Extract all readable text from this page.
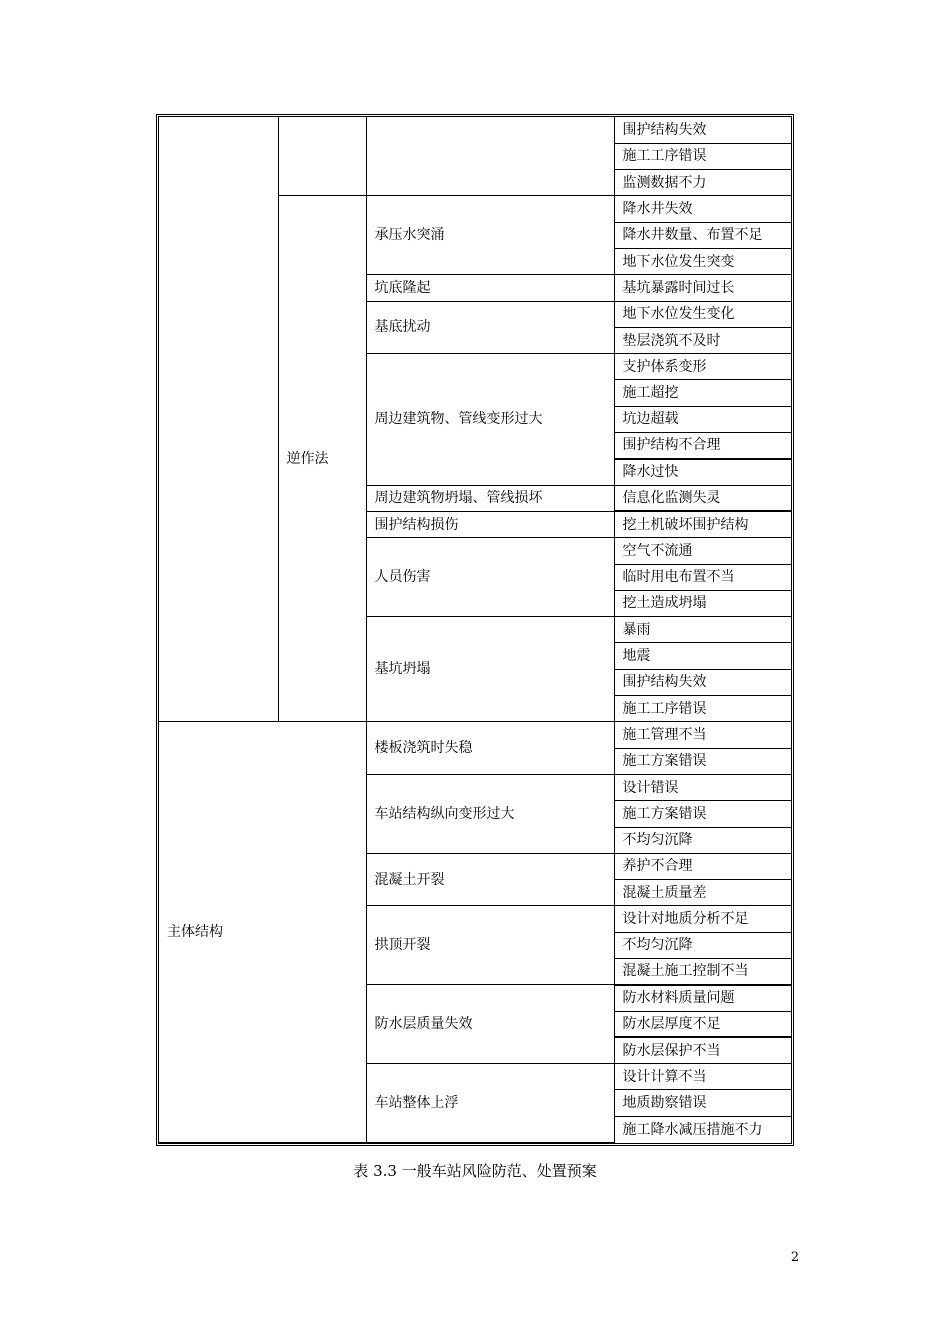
			围护结构失效
			施工工序错误
			监测数据不力
	逆作法	承压水突涌	降水井失效
			降水井数量、布置不足
			地下水位发生突变
		坑底隆起	基坑暴露时间过长
		基底扰动	地下水位发生变化
			垫层浇筑不及时
		周边建筑物、管线变形过大	支护体系变形
			施工超挖
			坑边超载
			围护结构不合理
			降水过快
		周边建筑物坍塌、管线损坏	信息化监测失灵
		围护结构损伤	挖土机破坏围护结构
		人员伤害	空气不流通
			临时用电布置不当
			挖土造成坍塌
		基坑坍塌	暴雨
			地震
			围护结构失效
			施工工序错误
主体结构		楼板浇筑时失稳	施工管理不当
			施工方案错误
		车站结构纵向变形过大	设计错误
			施工方案错误
			不均匀沉降
		混凝土开裂	养护不合理
			混凝土质量差
		拱顶开裂	设计对地质分析不足
			不均匀沉降
			混凝土施工控制不当
		防水层质量失效	防水材料质量问题
			防水层厚度不足
			防水层保护不当
		车站整体上浮	设计计算不当
			地质勘察错误
			施工降水减压措施不力
表 3.3 一般车站风险防范、处置预案
2
